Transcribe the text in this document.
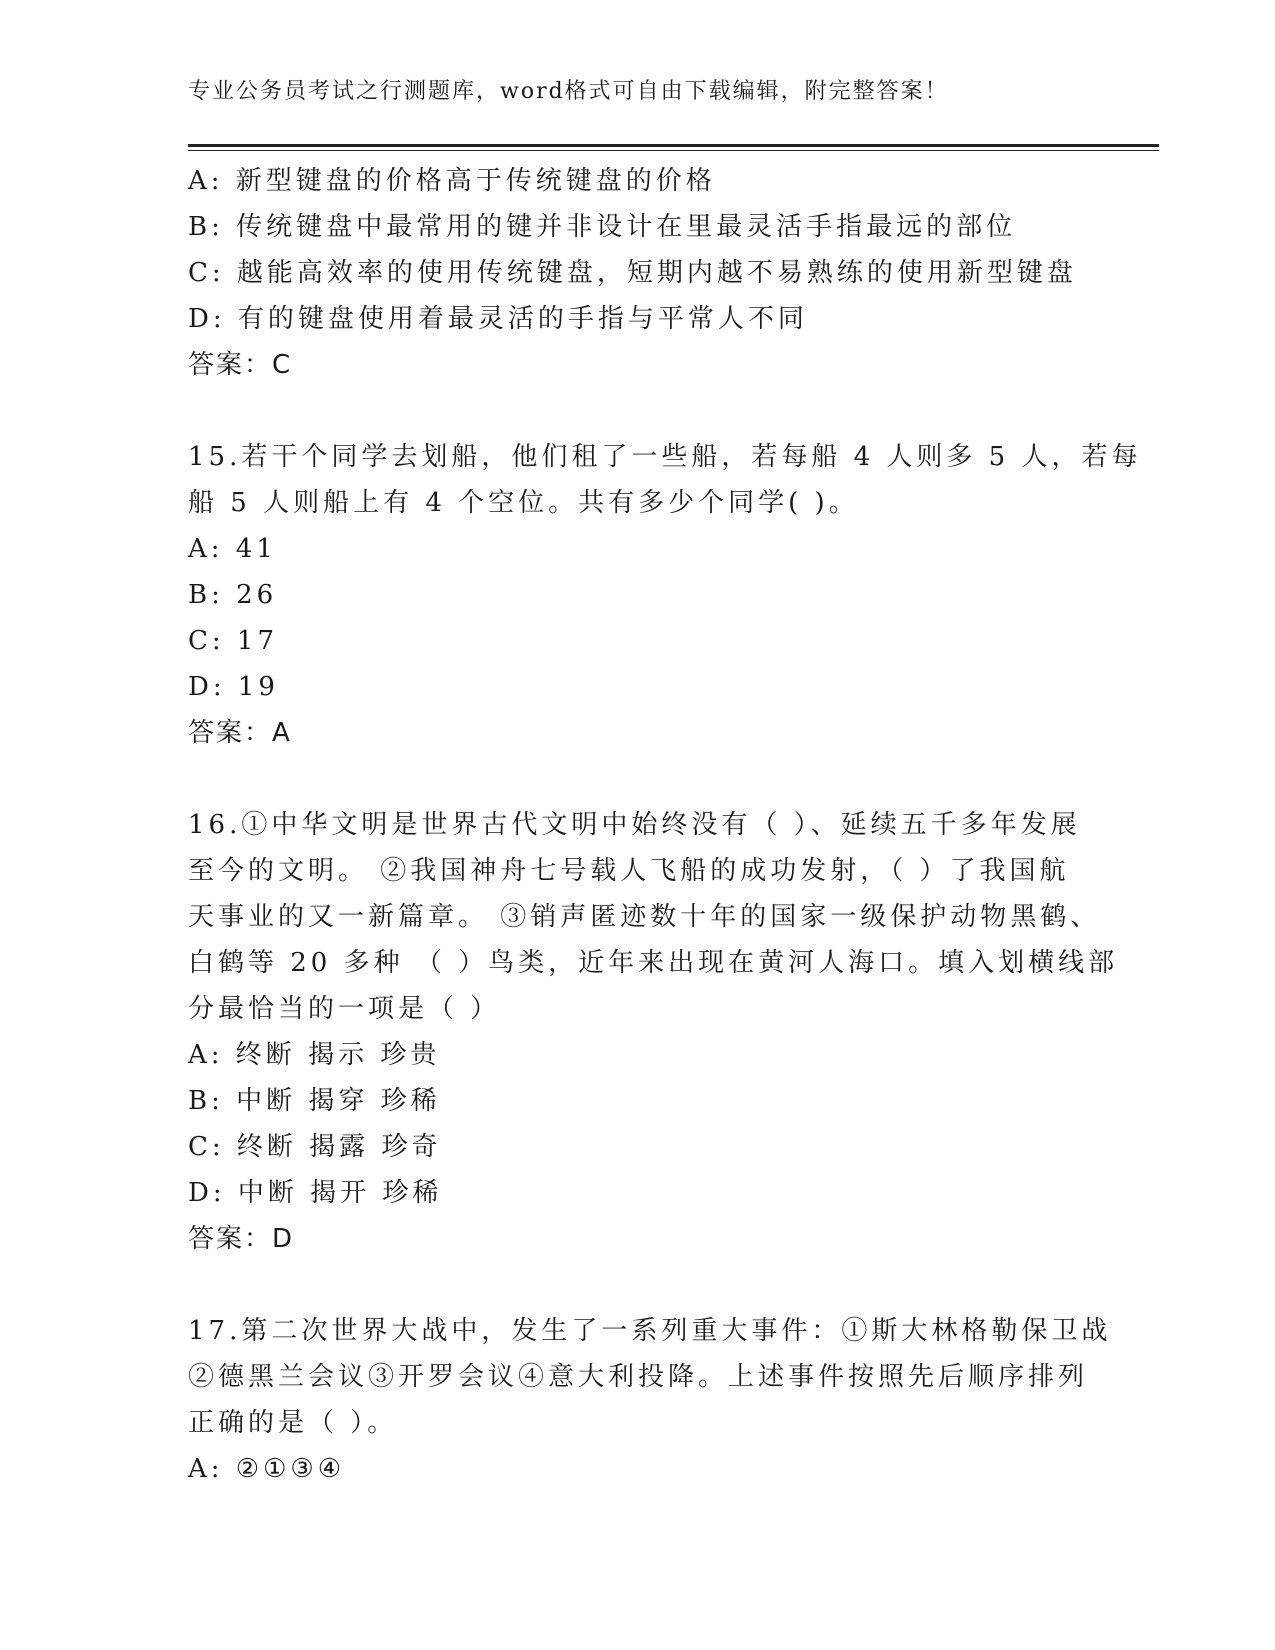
专业公务员考试之行测题库，word格式可自由下载编辑，附完整答案！
A: 新型键盘的价格高于传统键盘的价格
B: 传统键盘中最常用的键并非设计在里最灵活手指最远的部位
C: 越能高效率的使用传统键盘，短期内越不易熟练的使用新型键盘
D: 有的键盘使用着最灵活的手指与平常人不同
答案：C
15.若干个同学去划船，他们租了一些船，若每船 4 人则多 5 人，若每
船 5 人则船上有 4 个空位。共有多少个同学( )。
A: 41
B: 26
C: 17
D: 19
答案：A
16.①中华文明是世界古代文明中始终没有（ ）、延续五千多年发展
至今的文明。 ②我国神舟七号载人飞船的成功发射，（ ）了我国航
天事业的又一新篇章。 ③销声匿迹数十年的国家一级保护动物黑鹤、
白鹤等 20 多种 （ ）鸟类，近年来出现在黄河人海口。填入划横线部
分最恰当的一项是（ ）
A: 终断 揭示 珍贵
B: 中断 揭穿 珍稀
C: 终断 揭露 珍奇
D: 中断 揭开 珍稀
答案：D
17.第二次世界大战中，发生了一系列重大事件：①斯大林格勒保卫战
②德黑兰会议③开罗会议④意大利投降。上述事件按照先后顺序排列
正确的是（ ）。
A: ②①③④
